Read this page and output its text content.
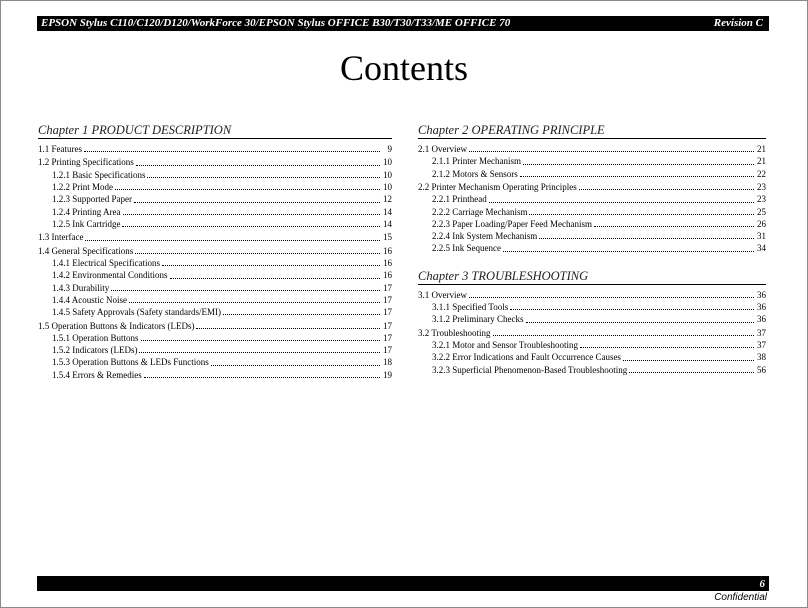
EPSON Stylus C110/C120/D120/WorkForce 30/EPSON Stylus OFFICE B30/T30/T33/ME OFFICE 70	Revision C
Contents
Chapter 1 PRODUCT DESCRIPTION
1.1 Features	9
1.2 Printing Specifications	10
1.2.1 Basic Specifications	10
1.2.2 Print Mode	10
1.2.3 Supported Paper	12
1.2.4 Printing Area	14
1.2.5 Ink Cartridge	14
1.3 Interface	15
1.4 General Specifications	16
1.4.1 Electrical Specifications	16
1.4.2 Environmental Conditions	16
1.4.3 Durability	17
1.4.4 Acoustic Noise	17
1.4.5 Safety Approvals (Safety standards/EMI)	17
1.5 Operation Buttons & Indicators (LEDs)	17
1.5.1 Operation Buttons	17
1.5.2 Indicators (LEDs)	17
1.5.3 Operation Buttons & LEDs Functions	18
1.5.4 Errors & Remedies	19
Chapter 2 OPERATING PRINCIPLE
2.1 Overview	21
2.1.1 Printer Mechanism	21
2.1.2 Motors & Sensors	22
2.2 Printer Mechanism Operating Principles	23
2.2.1 Printhead	23
2.2.2 Carriage Mechanism	25
2.2.3 Paper Loading/Paper Feed Mechanism	26
2.2.4 Ink System Mechanism	31
2.2.5 Ink Sequence	34
Chapter 3 TROUBLESHOOTING
3.1 Overview	36
3.1.1 Specified Tools	36
3.1.2 Preliminary Checks	36
3.2 Troubleshooting	37
3.2.1 Motor and Sensor Troubleshooting	37
3.2.2 Error Indications and Fault Occurrence Causes	38
3.2.3 Superficial Phenomenon-Based Troubleshooting	56
6
Confidential
